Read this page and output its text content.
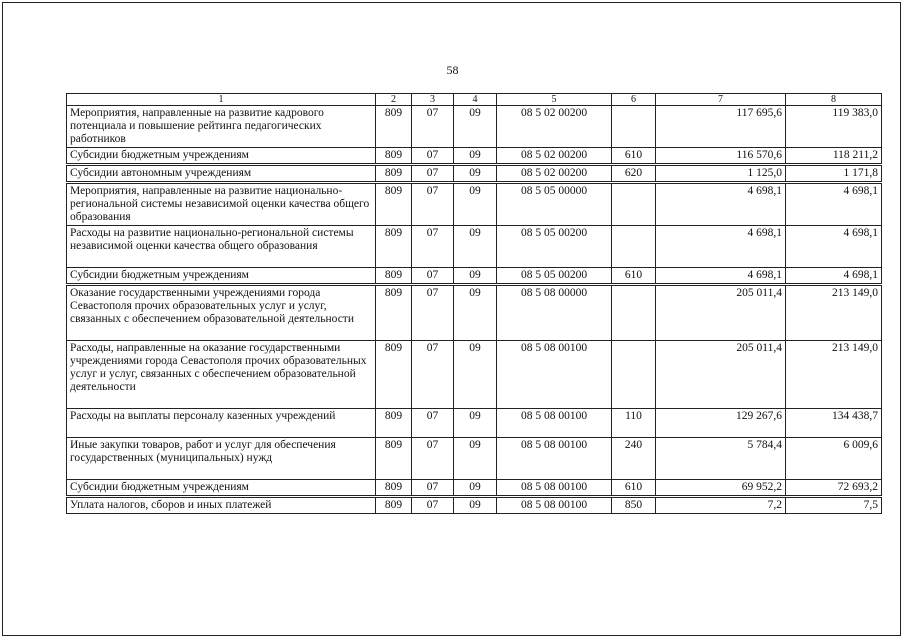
58
1	2	3	4	5	6	7	8
Мероприятия, направленные на развитие кадрового потенциала и повышение рейтинга педагогических работников	809	07	09	08 5 02 00200		117 695,6	119 383,0
Субсидии бюджетным учреждениям	809	07	09	08 5 02 00200	610	116 570,6	118 211,2
Субсидии автономным учреждениям	809	07	09	08 5 02 00200	620	1 125,0	1 171,8
Мероприятия, направленные на развитие национально-региональной системы независимой оценки качества общего образования	809	07	09	08 5 05 00000		4 698,1	4 698,1
Расходы на развитие национально-региональной системы независимой оценки качества общего образования	809	07	09	08 5 05 00200		4 698,1	4 698,1
Субсидии бюджетным учреждениям	809	07	09	08 5 05 00200	610	4 698,1	4 698,1
Оказание государственными учреждениями города Севастополя прочих образовательных услуг и услуг, связанных с обеспечением образовательной деятельности	809	07	09	08 5 08 00000		205 011,4	213 149,0
Расходы, направленные на оказание государственными учреждениями города Севастополя прочих образовательных услуг и услуг, связанных с обеспечением образовательной деятельности	809	07	09	08 5 08 00100		205 011,4	213 149,0
Расходы на выплаты персоналу казенных учреждений	809	07	09	08 5 08 00100	110	129 267,6	134 438,7
Иные закупки товаров, работ и услуг для обеспечения государственных (муниципальных) нужд	809	07	09	08 5 08 00100	240	5 784,4	6 009,6
Субсидии бюджетным учреждениям	809	07	09	08 5 08 00100	610	69 952,2	72 693,2
Уплата налогов, сборов и иных платежей	809	07	09	08 5 08 00100	850	7,2	7,5
